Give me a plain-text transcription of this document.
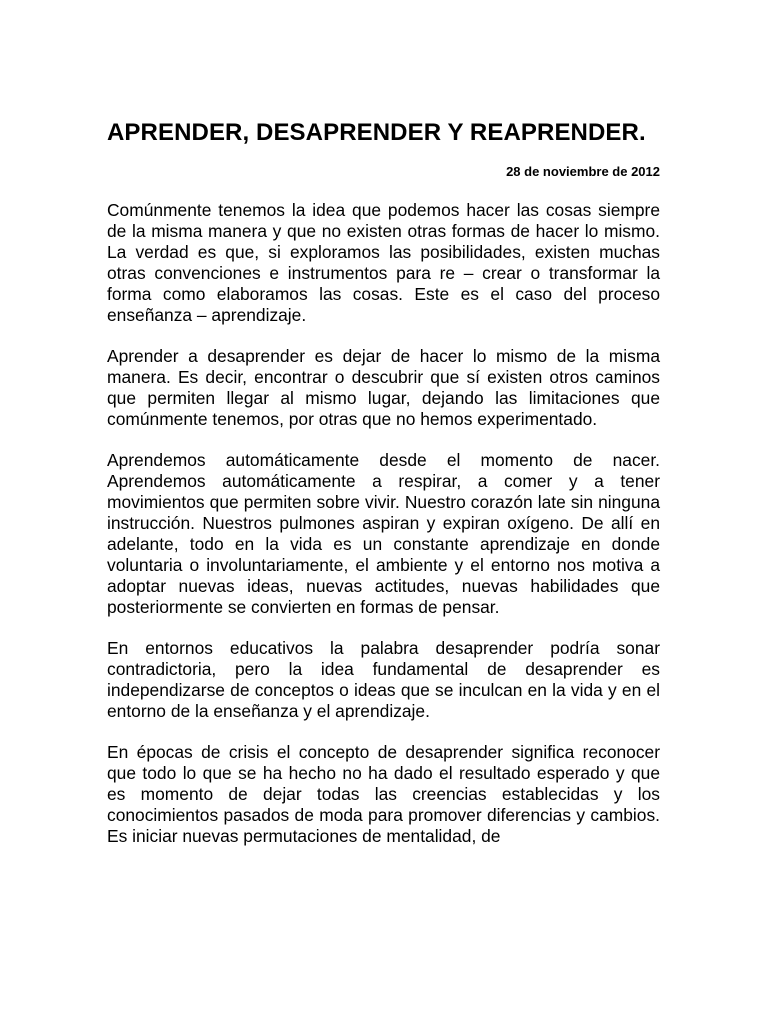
APRENDER, DESAPRENDER Y REAPRENDER.
28 de noviembre de 2012

Comúnmente tenemos la idea que podemos hacer las cosas siempre de la misma manera y que no existen otras formas de hacer lo mismo. La verdad es que, si exploramos las posibilidades, existen muchas otras convenciones e instrumentos para re – crear o transformar la forma como elaboramos las cosas. Este es el caso del proceso enseñanza – aprendizaje.

Aprender a desaprender es dejar de hacer lo mismo de la misma manera. Es decir, encontrar o descubrir que sí existen otros caminos que permiten llegar al mismo lugar, dejando las limitaciones que comúnmente tenemos, por otras que no hemos experimentado.

Aprendemos automáticamente desde el momento de nacer. Aprendemos automáticamente a respirar, a comer y a tener movimientos que permiten sobre vivir. Nuestro corazón late sin ninguna instrucción. Nuestros pulmones aspiran y expiran oxígeno. De allí en adelante, todo en la vida es un constante aprendizaje en donde voluntaria o involuntariamente, el ambiente y el entorno nos motiva a adoptar nuevas ideas, nuevas actitudes, nuevas habilidades que posteriormente se convierten en formas de pensar.

En entornos educativos la palabra desaprender podría sonar contradictoria, pero la idea fundamental de desaprender es independizarse de conceptos o ideas que se inculcan en la vida y en el entorno de la enseñanza y el aprendizaje.

En épocas de crisis el concepto de desaprender significa reconocer que todo lo que se ha hecho no ha dado el resultado esperado y que es momento de dejar todas las creencias establecidas y los conocimientos pasados de moda para promover diferencias y cambios. Es iniciar nuevas permutaciones de mentalidad, de
